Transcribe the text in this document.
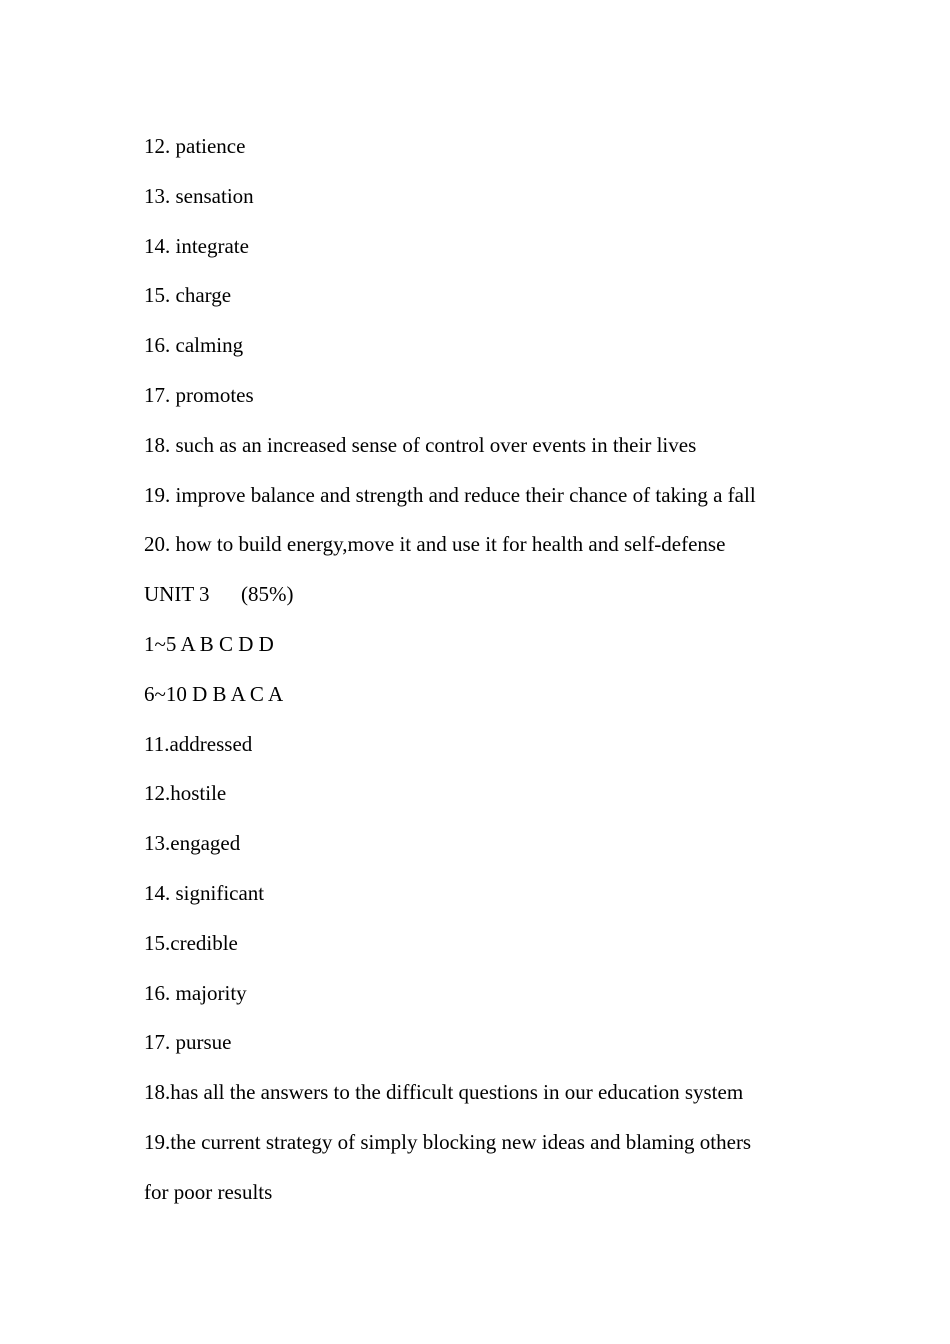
12. patience
13. sensation
14. integrate
15. charge
16. calming
17. promotes
18. such as an increased sense of control over events in their lives
19. improve balance and strength and reduce their chance of taking a fall
20. how to build energy,move it and use it for health and self-defense
UNIT 3      (85%)
1~5 A B C D D
6~10 D B A C A
11.addressed
12.hostile
13.engaged
14. significant
15.credible
16. majority
17. pursue
18.has all the answers to the difficult questions in our education system
19.the current strategy of simply blocking new ideas and blaming others
for poor results
